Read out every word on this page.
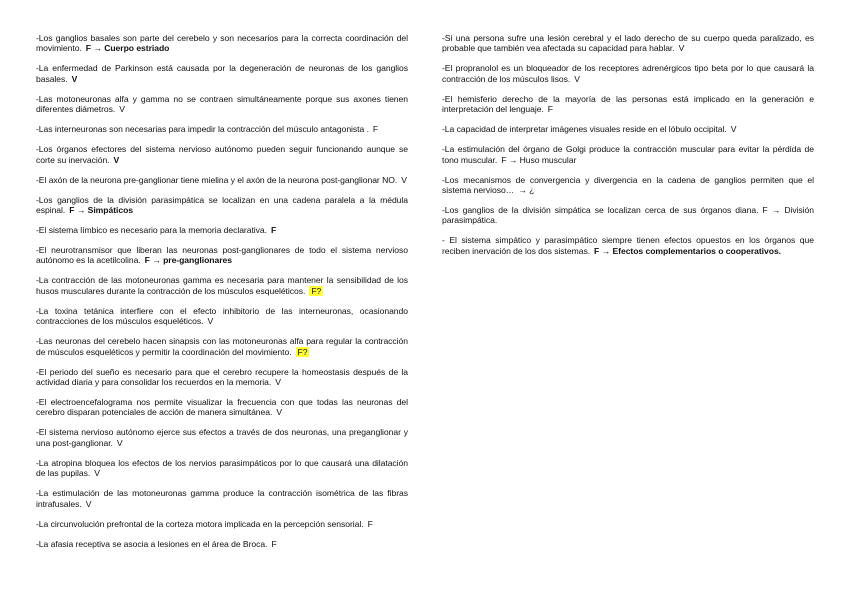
-Los ganglios basales son parte del cerebelo y son necesarios para la correcta coordinación del movimiento. F → Cuerpo estriado

-La enfermedad de Parkinson está causada por la degeneración de neuronas de los ganglios basales. V

-Las motoneuronas alfa y gamma no se contraen simultáneamente porque sus axones tienen diferentes diámetros. V

-Las interneuronas son necesarias para impedir la contracción del músculo antagonista . F

-Los órganos efectores del sistema nervioso autónomo pueden seguir funcionando aunque se corte su inervación. V

-El axón de la neurona pre-ganglionar tiene mielina y el axón de la neurona post-ganglionar NO. V

-Los ganglios de la división parasimpática se localizan en una cadena paralela a la médula espinal. F → Simpáticos

-El sistema límbico es necesario para la memoria declarativa. F

-El neurotransmisor que liberan las neuronas post-ganglionares de todo el sistema nervioso autónomo es la acetilcolina. F → pre-ganglionares

-La contracción de las motoneuronas gamma es necesaria para mantener la sensibilidad de los husos musculares durante la contracción de los músculos esqueléticos. F?

-La toxina tetánica interfiere con el efecto inhibitorio de las interneuronas, ocasionando contracciones de los músculos esqueléticos. V

-Las neuronas del cerebelo hacen sinapsis con las motoneuronas alfa para regular la contracción de músculos esqueléticos y permitir la coordinación del movimiento. F?

-El periodo del sueño es necesario para que el cerebro recupere la homeostasis después de la actividad diaria y para consolidar los recuerdos en la memoria. V

-El electroencefalograma nos permite visualizar la frecuencia con que todas las neuronas del cerebro disparan potenciales de acción de manera simultánea. V

-El sistema nervioso autónomo ejerce sus efectos a través de dos neuronas, una preganglionar y una post-ganglionar. V

-La atropina bloquea los efectos de los nervios parasimpáticos por lo que causará una dilatación de las pupilas. V

-La estimulación de las motoneuronas gamma produce la contracción isométrica de las fibras intrafusales. V

-La circunvolución prefrontal de la corteza motora implicada en la percepción sensorial. F

-La afasia receptiva se asocia a lesiones en el área de Broca. F

-Si una persona sufre una lesión cerebral y el lado derecho de su cuerpo queda paralizado, es probable que también vea afectada su capacidad para hablar. V

-El propranolol es un bloqueador de los receptores adrenérgicos tipo beta por lo que causará la contracción de los músculos lisos. V

-El hemisferio derecho de la mayoría de las personas está implicado en la generación e interpretación del lenguaje. F

-La capacidad de interpretar imágenes visuales reside en el lóbulo occipital. V

-La estimulación del órgano de Golgi produce la contracción muscular para evitar la pérdida de tono muscular. F → Huso muscular

-Los mecanismos de convergencia y divergencia en la cadena de ganglios permiten que el sistema nervioso… → ¿

-Los ganglios de la división simpática se localizan cerca de sus órganos diana. F → División parasimpática.

- El sistema simpático y parasimpático siempre tienen efectos opuestos en los órganos que reciben inervación de los dos sistemas. F → Efectos complementarios o cooperativos.
